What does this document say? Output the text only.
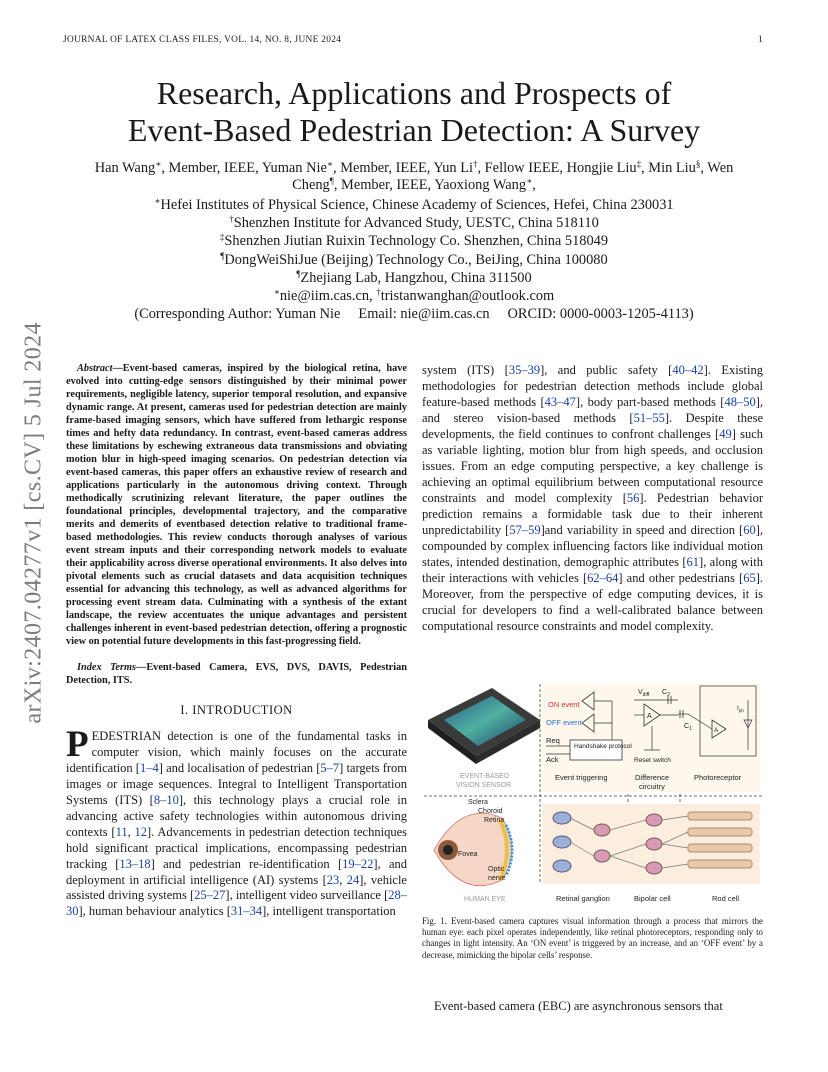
JOURNAL OF LATEX CLASS FILES, VOL. 14, NO. 8, JUNE 2024	1
arXiv:2407.04277v1 [cs.CV] 5 Jul 2024
Research, Applications and Prospects of
Event-Based Pedestrian Detection: A Survey
Han Wang∗, Member, IEEE, Yuman Nie∗, Member, IEEE, Yun Li†, Fellow IEEE, Hongjie Liu‡, Min Liu§, Wen
Cheng¶, Member, IEEE, Yaoxiong Wang∗,
∗Hefei Institutes of Physical Science, Chinese Academy of Sciences, Hefei, China 230031
†Shenzhen Institute for Advanced Study, UESTC, China 518110
‡Shenzhen Jiutian Ruixin Technology Co. Shenzhen, China 518049
¶DongWeiShiJue (Beijing) Technology Co., BeiJing, China 100080
¶Zhejiang Lab, Hangzhou, China 311500
∗nie@iim.cas.cn, †tristanwanghan@outlook.com
(Corresponding Author: Yuman Nie     Email: nie@iim.cas.cn     ORCID: 0000-0003-1205-4113)

Abstract—Event-based cameras, inspired by the biological retina, have evolved into cutting-edge sensors distinguished by their minimal power requirements, negligible latency, superior temporal resolution, and expansive dynamic range. At present, cameras used for pedestrian detection are mainly frame-based imaging sensors, which have suffered from lethargic response times and hefty data redundancy. In contrast, event-based cameras address these limitations by eschewing extraneous data transmissions and obviating motion blur in high-speed imaging scenarios. On pedestrian detection via event-based cameras, this paper offers an exhaustive review of research and applications particularly in the autonomous driving context. Through methodically scrutinizing relevant literature, the paper outlines the foundational principles, developmental trajectory, and the comparative merits and demerits of eventbased detection relative to traditional frame-based methodologies. This review conducts thorough analyses of various event stream inputs and their corresponding network models to evaluate their applicability across diverse operational environments. It also delves into pivotal elements such as crucial datasets and data acquisition techniques essential for advancing this technology, as well as advanced algorithms for processing event stream data. Culminating with a synthesis of the extant landscape, the review accentuates the unique advantages and persistent challenges inherent in event-based pedestrian detection, offering a prognostic view on potential future developments in this fast-progressing field.

Index Terms—Event-based Camera, EVS, DVS, DAVIS, Pedestrian Detection, ITS.

I. INTRODUCTION

PEDESTRIAN detection is one of the fundamental tasks in computer vision, which mainly focuses on the accurate identification [1–4] and localisation of pedestrian [5–7] targets from images or image sequences. Integral to Intelligent Transportation Systems (ITS) [8–10], this technology plays a crucial role in advancing active safety technologies within autonomous driving contexts [11, 12]. Advancements in pedestrian detection techniques hold significant practical implications, encompassing pedestrian tracking [13–18] and pedestrian re-identification [19–22], and deployment in artificial intelligence (AI) systems [23, 24], vehicle assisted driving systems [25–27], intelligent video surveillance [28–30], human behaviour analytics [31–34], intelligent transportation

system (ITS) [35–39], and public safety [40–42]. Existing methodologies for pedestrian detection methods include global feature-based methods [43–47], body part-based methods [48–50], and stereo vision-based methods [51–55]. Despite these developments, the field continues to confront challenges [49] such as variable lighting, motion blur from high speeds, and occlusion issues. From an edge computing perspective, a key challenge is achieving an optimal equilibrium between computational resource constraints and model complexity [56]. Pedestrian behavior prediction remains a formidable task due to their inherent unpredictability [57–59]and variability in speed and direction [60], compounded by complex influencing factors like individual motion states, intended destination, demographic attributes [61], along with their interactions with vehicles [62–64] and other pedestrians [65]. Moreover, from the perspective of edge computing devices, it is crucial for developers to find a well-calibrated balance between computational resource constraints and model complexity.

EVENT-BASED
VISION SENSOR
ON event
OFF event
Req
Ack
Handshake protocol
$V_{diff}$ $C_2$
A
$C_1$
Reset switch
A
$I_{ph}$
Event triggering	Difference
circuitry
Photoreceptor
Sclera
Choroid
Retina
Fovea
Optic
nerve
HUMAN EYE	Retinal ganglion	Bipolar cell	Rod cell
Fig. 1. Event-based camera captures visual information through a process that mirrors the human eye: each pixel operates independently, like retinal photoreceptors, responding only to changes in light intensity. An ‘ON event’ is triggered by an increase, and an ‘OFF event’ by a decrease, mimicking the bipolar cells’ response.
Event-based camera (EBC) are asynchronous sensors that
